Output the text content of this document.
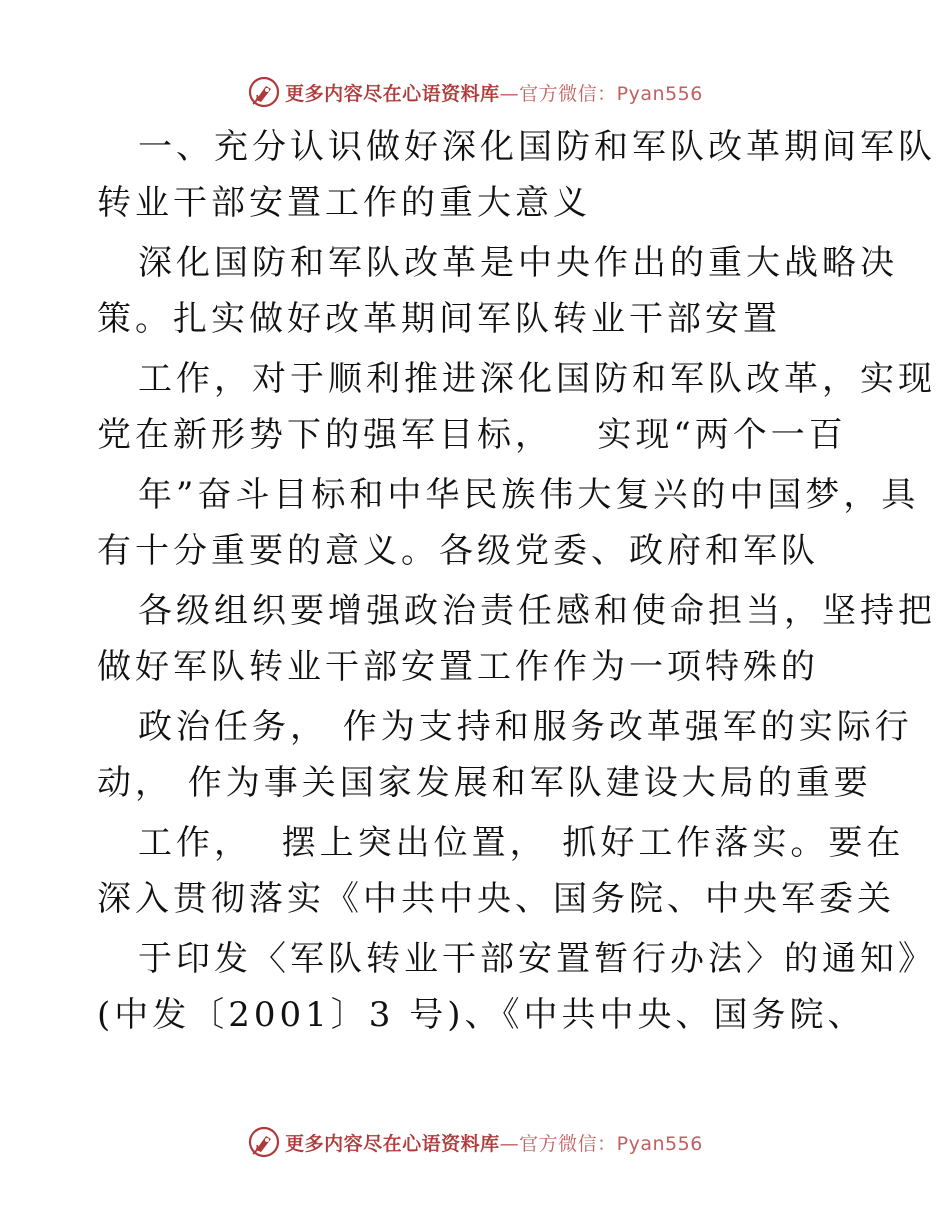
更多内容尽在心语资料库—官方微信：Pyan556
一、充分认识做好深化国防和军队改革期间军队
转业干部安置工作的重大意义
深化国防和军队改革是中央作出的重大战略决
策。扎实做好改革期间军队转业干部安置
工作，对于顺利推进深化国防和军队改革，实现
党在新形势下的强军目标，   实现“两个一百
年”奋斗目标和中华民族伟大复兴的中国梦，具
有十分重要的意义。各级党委、政府和军队
各级组织要增强政治责任感和使命担当，坚持把
做好军队转业干部安置工作作为一项特殊的
政治任务， 作为支持和服务改革强军的实际行
动， 作为事关国家发展和军队建设大局的重要
工作，  摆上突出位置， 抓好工作落实。要在
深入贯彻落实《中共中央、国务院、中央军委关
于印发〈军队转业干部安置暂行办法〉的通知》
(中发〔2001〕3 号)、《中共中央、国务院、
更多内容尽在心语资料库—官方微信：Pyan556
